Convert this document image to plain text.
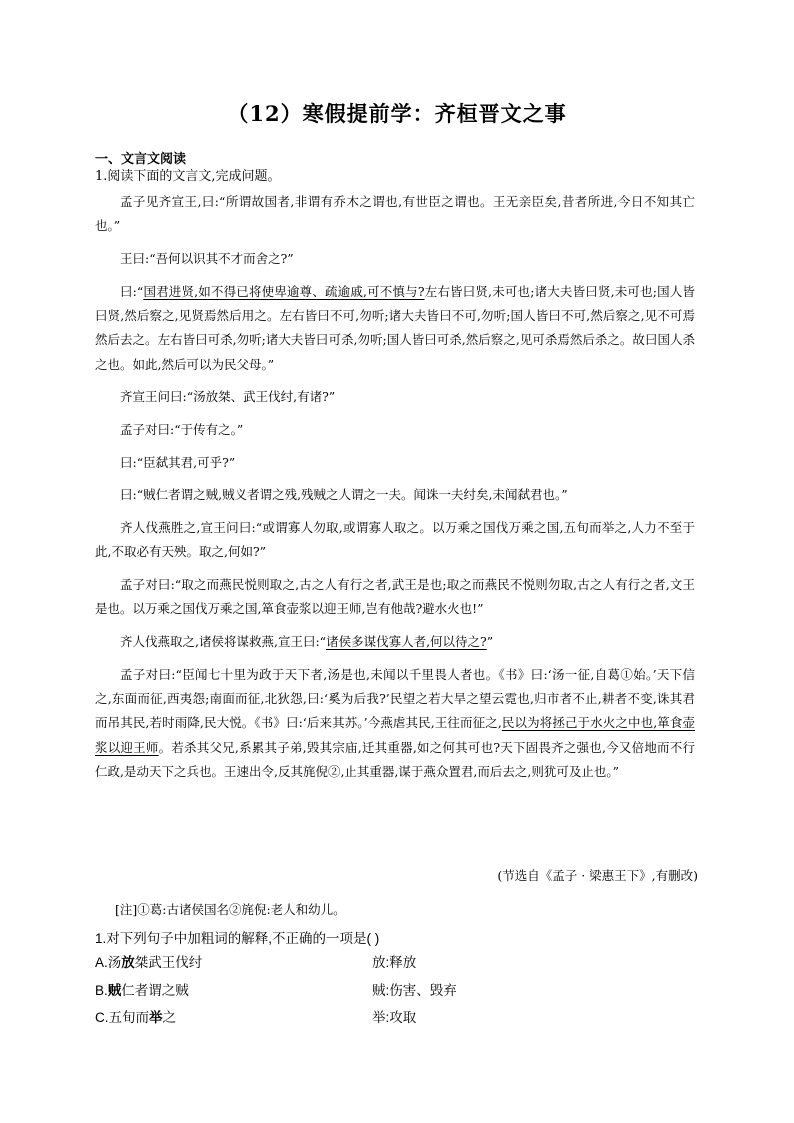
（12）寒假提前学：齐桓晋文之事
一、文言文阅读
1.阅读下面的文言文,完成问题。

孟子见齐宣王,曰:“所谓故国者,非谓有乔木之谓也,有世臣之谓也。王无亲臣矣,昔者所进,今日不知其亡也。”

王曰:“吾何以识其不才而舍之?”

曰:“国君进贤,如不得已将使卑逾尊、疏逾戚,可不慎与?左右皆曰贤,未可也;诸大夫皆曰贤,未可也;国人皆曰贤,然后察之,见贤焉然后用之。左右皆曰不可,勿听;诸大夫皆曰不可,勿听;国人皆曰不可,然后察之,见不可焉然后去之。左右皆曰可杀,勿听;诸大夫皆曰可杀,勿听;国人皆曰可杀,然后察之,见可杀焉然后杀之。故曰国人杀之也。如此,然后可以为民父母。”

齐宣王问曰:“汤放桀、武王伐纣,有诸?”

孟子对曰:“于传有之。”

曰:“臣弑其君,可乎?”

曰:“贼仁者谓之贼,贼义者谓之残,残贼之人谓之一夫。闻诛一夫纣矣,未闻弑君也。”

齐人伐燕胜之,宣王问曰:“或谓寡人勿取,或谓寡人取之。以万乘之国伐万乘之国,五旬而举之,人力不至于此,不取必有天殃。取之,何如?”

孟子对曰:“取之而燕民悦则取之,古之人有行之者,武王是也;取之而燕民不悦则勿取,古之人有行之者,文王是也。以万乘之国伐万乘之国,箪食壶浆以迎王师,岂有他哉?避水火也!”

齐人伐燕取之,诸侯将谋救燕,宣王曰:“诸侯多谋伐寡人者,何以待之?”

孟子对曰:“臣闻七十里为政于天下者,汤是也,未闻以千里畏人者也。《书》曰:‘汤一征,自葛①始。’天下信之,东面而征,西夷怨;南面而征,北狄怨,曰:‘奚为后我?’民望之若大旱之望云霓也,归市者不止,耕者不变,诛其君而吊其民,若时雨降,民大悦。《书》曰:‘后来其苏。’今燕虐其民,王往而征之,民以为将拯己于水火之中也,箪食壶浆以迎王师。若杀其父兄,系累其子弟,毁其宗庙,迁其重器,如之何其可也?天下固畏齐之强也,今又倍地而不行仁政,是动天下之兵也。王速出令,反其旄倪②,止其重器,谋于燕众置君,而后去之,则犹可及止也。”

(节选自《孟子 · 梁惠王下》,有删改)
[注]①葛:古诸侯国名②旄倪:老人和幼儿。
1.对下列句子中加粗词的解释,不正确的一项是( )
A.汤放桀武王伐纣	放:释放
B.贼仁者谓之贼	贼:伤害、毁弃
C.五旬而举之	举:攻取
